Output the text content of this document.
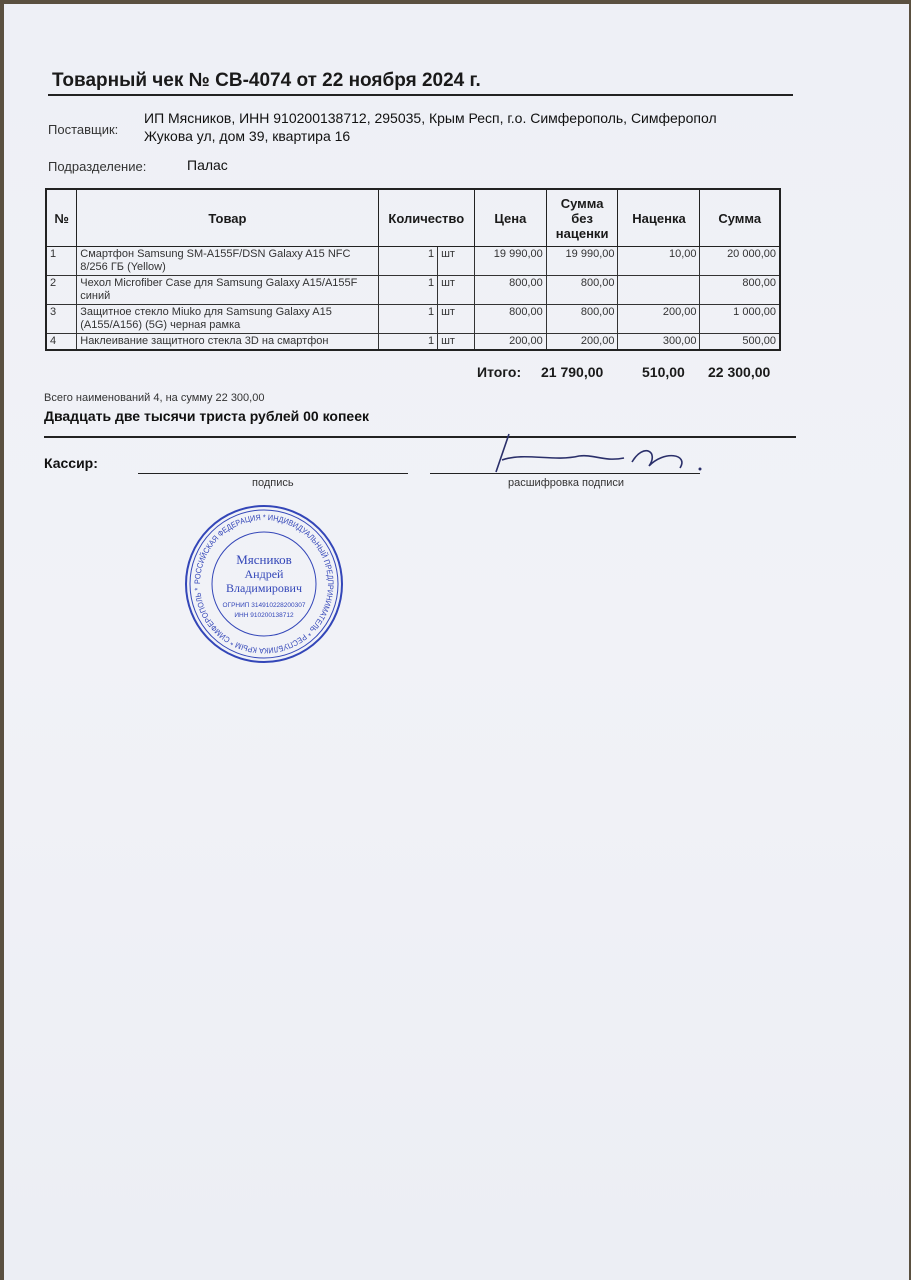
Товарный чек № СВ-4074 от 22 ноября 2024 г.
Поставщик:
ИП Мясников, ИНН 910200138712, 295035, Крым Респ, г.о. Симферополь, Симферопол
Жукова ул, дом 39, квартира 16
Подразделение:	Палас
№	Товар	Количество		Цена	Сумма без наценки	Наценка	Сумма
1	Смартфон Samsung SM-A155F/DSN Galaxy A15 NFC 8/256 ГБ (Yellow)	1	шт	19 990,00	19 990,00	10,00	20 000,00
2	Чехол Microfiber Case для Samsung Galaxy A15/A155F синий	1	шт	800,00	800,00		800,00
3	Защитное стекло Miuko для Samsung Galaxy A15 (A155/A156) (5G) черная рамка	1	шт	800,00	800,00	200,00	1 000,00
4	Наклеивание защитного стекла 3D на смартфон	1	шт	200,00	200,00	300,00	500,00
Итого: 21 790,00	510,00 22 300,00
Всего наименований 4, на сумму 22 300,00
Двадцать две тысячи триста рублей 00 копеек
Кассир:
подпись	расшифровка подписи
РОССИЙСКАЯ ФЕДЕРАЦИЯ * ИНДИВИДУАЛЬНЫЙ ПРЕДПРИНИМАТЕЛЬ * РЕСПУБЛИКА КРЫМ * СИМФЕРОПОЛЬ *
Мясников
Андрей
Владимирович
ОГРНИП 314910228200307
ИНН 910200138712
